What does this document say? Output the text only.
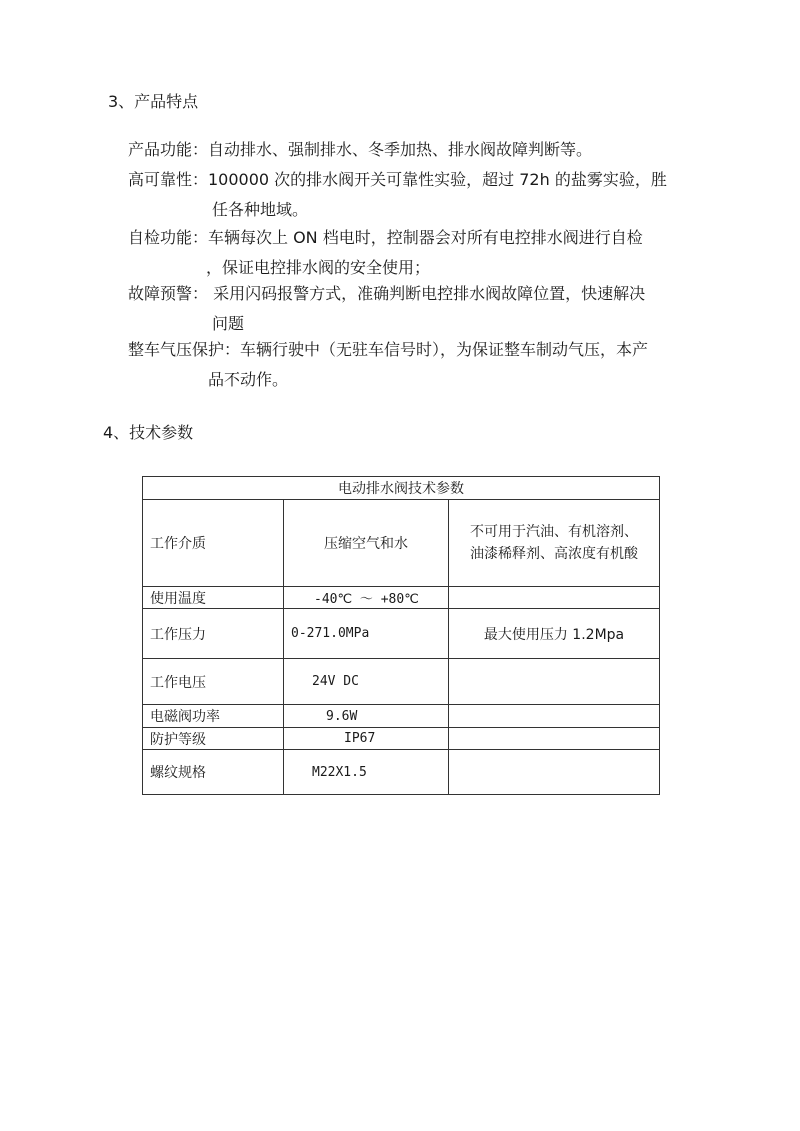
3、产品特点
产品功能：自动排水、强制排水、冬季加热、排水阀故障判断等。
高可靠性：100000 次的排水阀开关可靠性实验，超过 72h 的盐雾实验，胜
任各种地域。
自检功能：车辆每次上 ON 档电时，控制器会对所有电控排水阀进行自检
，保证电控排水阀的安全使用；
故障预警： 采用闪码报警方式，准确判断电控排水阀故障位置，快速解决
问题
整车气压保护：车辆行驶中（无驻车信号时），为保证整车制动气压，本产
品不动作。
4、技术参数
电动排水阀技术参数		
工作介质	压缩空气和水	不可用于汽油、有机溶剂、
油漆稀释剂、高浓度有机酸

使用温度	-40℃ ～ +80℃	
工作压力	0-271.0MPa	最大使用压力 1.2Mpa
工作电压	24V DC	
电磁阀功率	9.6W	
防护等级	IP67	
螺纹规格	M22X1.5	
